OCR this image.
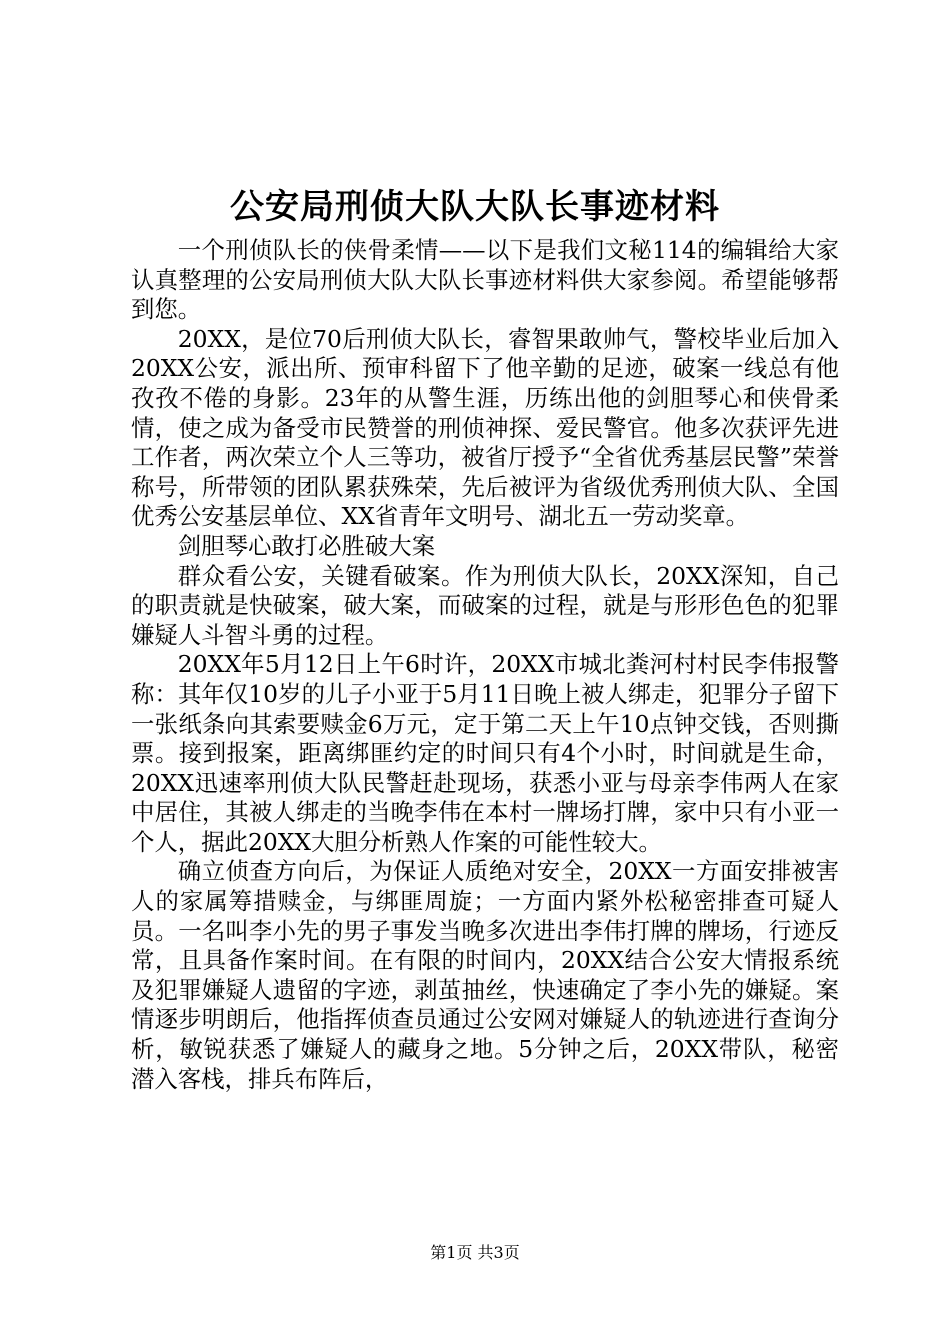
公安局刑侦大队大队长事迹材料

一个刑侦队长的侠骨柔情——以下是我们文秘114的编辑给大家认真整理的公安局刑侦大队大队长事迹材料供大家参阅。希望能够帮到您。

20XX，是位70后刑侦大队长，睿智果敢帅气，警校毕业后加入20XX公安，派出所、预审科留下了他辛勤的足迹，破案一线总有他孜孜不倦的身影。23年的从警生涯，历练出他的剑胆琴心和侠骨柔情，使之成为备受市民赞誉的刑侦神探、爱民警官。他多次获评先进工作者，两次荣立个人三等功，被省厅授予“全省优秀基层民警”荣誉称号，所带领的团队累获殊荣，先后被评为省级优秀刑侦大队、全国优秀公安基层单位、XX省青年文明号、湖北五一劳动奖章。

剑胆琴心敢打必胜破大案

群众看公安，关键看破案。作为刑侦大队长，20XX深知，自己的职责就是快破案，破大案，而破案的过程，就是与形形色色的犯罪嫌疑人斗智斗勇的过程。

20XX年5月12日上午6时许，20XX市城北粪河村村民李伟报警称：其年仅10岁的儿子小亚于5月11日晚上被人绑走，犯罪分子留下一张纸条向其索要赎金6万元，定于第二天上午10点钟交钱，否则撕票。接到报案，距离绑匪约定的时间只有4个小时，时间就是生命，20XX迅速率刑侦大队民警赶赴现场，获悉小亚与母亲李伟两人在家中居住，其被人绑走的当晚李伟在本村一牌场打牌，家中只有小亚一个人，据此20XX大胆分析熟人作案的可能性较大。

确立侦查方向后，为保证人质绝对安全，20XX一方面安排被害人的家属筹措赎金，与绑匪周旋；一方面内紧外松秘密排查可疑人员。一名叫李小先的男子事发当晚多次进出李伟打牌的牌场，行迹反常，且具备作案时间。在有限的时间内，20XX结合公安大情报系统及犯罪嫌疑人遗留的字迹，剥茧抽丝，快速确定了李小先的嫌疑。案情逐步明朗后，他指挥侦查员通过公安网对嫌疑人的轨迹进行查询分析，敏锐获悉了嫌疑人的藏身之地。5分钟之后，20XX带队，秘密潜入客栈，排兵布阵后，

第1页 共3页
